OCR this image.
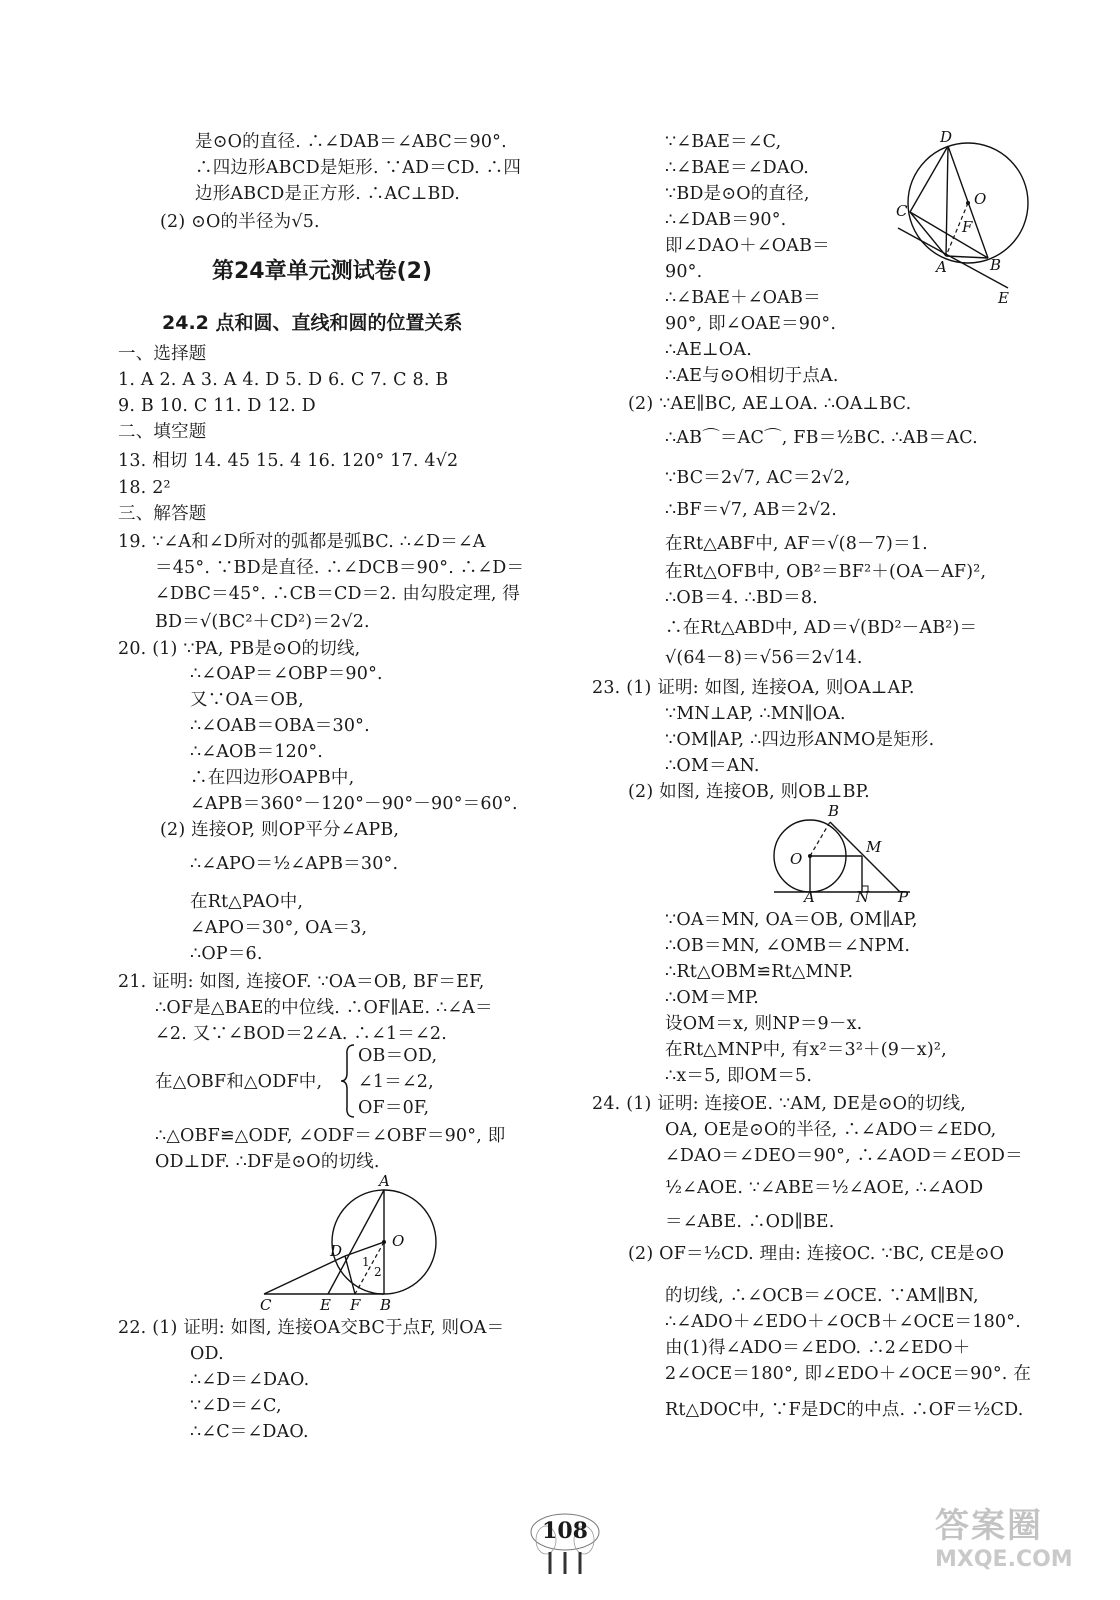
是⊙O的直径. ∴∠DAB＝∠ABC＝90°.
∴四边形ABCD是矩形. ∵AD＝CD. ∴四
边形ABCD是正方形. ∴AC⊥BD.
(2) ⊙O的半径为√5.
第24章单元测试卷(2)
24.2 点和圆、直线和圆的位置关系
一、选择题
1. A 2. A 3. A 4. D 5. D 6. C 7. C 8. B
9. B 10. C 11. D 12. D
二、填空题
13. 相切 14. 45 15. 4 16. 120° 17. 4√2
18. 2²
三、解答题
19. ∵∠A和∠D所对的弧都是弧BC. ∴∠D＝∠A
＝45°. ∵BD是直径. ∴∠DCB＝90°. ∴∠D＝
∠DBC＝45°. ∴CB＝CD＝2. 由勾股定理, 得
BD＝√(BC²＋CD²)＝2√2.
20. (1) ∵PA, PB是⊙O的切线,
∴∠OAP＝∠OBP＝90°.
又∵OA＝OB,
∴∠OAB＝OBA＝30°.
∴∠AOB＝120°.
∴在四边形OAPB中,
∠APB＝360°－120°－90°－90°＝60°.
(2) 连接OP, 则OP平分∠APB,
∴∠APO＝½∠APB＝30°.
在Rt△PAO中,
∠APO＝30°, OA＝3,
∴OP＝6.
21. 证明: 如图, 连接OF. ∵OA＝OB, BF＝EF,
∴OF是△BAE的中位线. ∴OF∥AE. ∴∠A＝
∠2. 又∵∠BOD＝2∠A. ∴∠1＝∠2.
在△OBF和△ODF中,
OB＝OD,
∠1＝∠2,
OF＝0F,
∴△OBF≌△ODF, ∠ODF＝∠OBF＝90°, 即
OD⊥DF. ∴DF是⊙O的切线.
A
O
D
1
2
C	E F B
22. (1) 证明: 如图, 连接OA交BC于点F, 则OA＝
OD.
∴∠D＝∠DAO.
∵∠D＝∠C,
∴∠C＝∠DAO.
∵∠BAE＝∠C,
∴∠BAE＝∠DAO.
∵BD是⊙O的直径,
∴∠DAB＝90°.
即∠DAO＋∠OAB＝
90°.
∴∠BAE＋∠OAB＝
90°, 即∠OAE＝90°.
∴AE⊥OA.
∴AE与⊙O相切于点A.
D
O
C
F
A	B
E
(2) ∵AE∥BC, AE⊥OA. ∴OA⊥BC.
∴AB⌒＝AC⌒, FB＝½BC. ∴AB＝AC.
∵BC＝2√7, AC＝2√2,
∴BF＝√7, AB＝2√2.
在Rt△ABF中, AF＝√(8－7)＝1.
在Rt△OFB中, OB²＝BF²＋(OA－AF)²,
∴OB＝4. ∴BD＝8.
∴在Rt△ABD中, AD＝√(BD²－AB²)＝
√(64－8)＝√56＝2√14.
23. (1) 证明: 如图, 连接OA, 则OA⊥AP.
∵MN⊥AP, ∴MN∥OA.
∵OM∥AP, ∴四边形ANMO是矩形.
∴OM＝AN.
(2) 如图, 连接OB, 则OB⊥BP.
B
M
O
A	N P
∵OA＝MN, OA＝OB, OM∥AP,
∴OB＝MN, ∠OMB＝∠NPM.
∴Rt△OBM≌Rt△MNP.
∴OM＝MP.
设OM＝x, 则NP＝9－x.
在Rt△MNP中, 有x²＝3²＋(9－x)²,
∴x＝5, 即OM＝5.
24. (1) 证明: 连接OE. ∵AM, DE是⊙O的切线,
OA, OE是⊙O的半径, ∴∠ADO＝∠EDO,
∠DAO＝∠DEO＝90°, ∴∠AOD＝∠EOD＝
½∠AOE. ∵∠ABE＝½∠AOE, ∴∠AOD
＝∠ABE. ∴OD∥BE.
(2) OF＝½CD. 理由: 连接OC. ∵BC, CE是⊙O
的切线, ∴∠OCB＝∠OCE. ∵AM∥BN,
∴∠ADO＋∠EDO＋∠OCB＋∠OCE＝180°.
由(1)得∠ADO＝∠EDO. ∴2∠EDO＋
2∠OCE＝180°, 即∠EDO＋∠OCE＝90°. 在
Rt△DOC中, ∵F是DC的中点. ∴OF＝½CD.
108	答案圈
MXQE.COM
